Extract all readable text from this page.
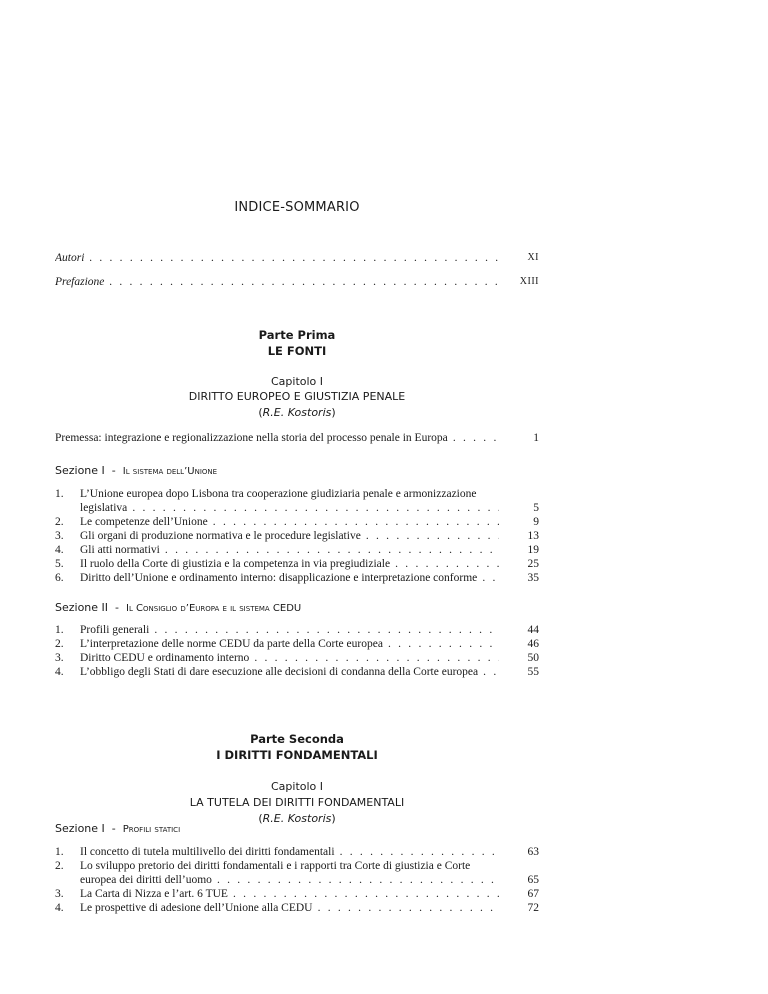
INDICE-SOMMARIO
Autori . . .	XI
Prefazione . . .	XIII
Parte Prima
LE FONTI
Capitolo I
DIRITTO EUROPEO E GIUSTIZIA PENALE
(R.E. Kostoris)
Premessa: integrazione e regionalizzazione nella storia del processo penale in Europa . . .	1
Sezione I - Il sistema dell’Unione
1.	L’Unione europea dopo Lisbona tra cooperazione giudiziaria penale e armonizzazione
legislativa . . .	5
2.	Le competenze dell’Unione . . .	9
3.	Gli organi di produzione normativa e le procedure legislative . . .	13
4.	Gli atti normativi . . .	19
5.	Il ruolo della Corte di giustizia e la competenza in via pregiudiziale . . .	25
6.	Diritto dell’Unione e ordinamento interno: disapplicazione e interpretazione conforme . . .	35
Sezione II - Il Consiglio d’Europa e il sistema CEDU
1.	Profili generali . . .	44
2.	L’interpretazione delle norme CEDU da parte della Corte europea . . .	46
3.	Diritto CEDU e ordinamento interno . . .	50
4.	L’obbligo degli Stati di dare esecuzione alle decisioni di condanna della Corte europea . . .	55
Parte Seconda
I DIRITTI FONDAMENTALI
Capitolo I
LA TUTELA DEI DIRITTI FONDAMENTALI
(R.E. Kostoris)
Sezione I - Profili statici
1.	Il concetto di tutela multilivello dei diritti fondamentali . . .	63
2.	Lo sviluppo pretorio dei diritti fondamentali e i rapporti tra Corte di giustizia e Corte
europea dei diritti dell’uomo . . .	65
3.	La Carta di Nizza e l’art. 6 TUE . . .	67
4.	Le prospettive di adesione dell’Unione alla CEDU . . .	72
